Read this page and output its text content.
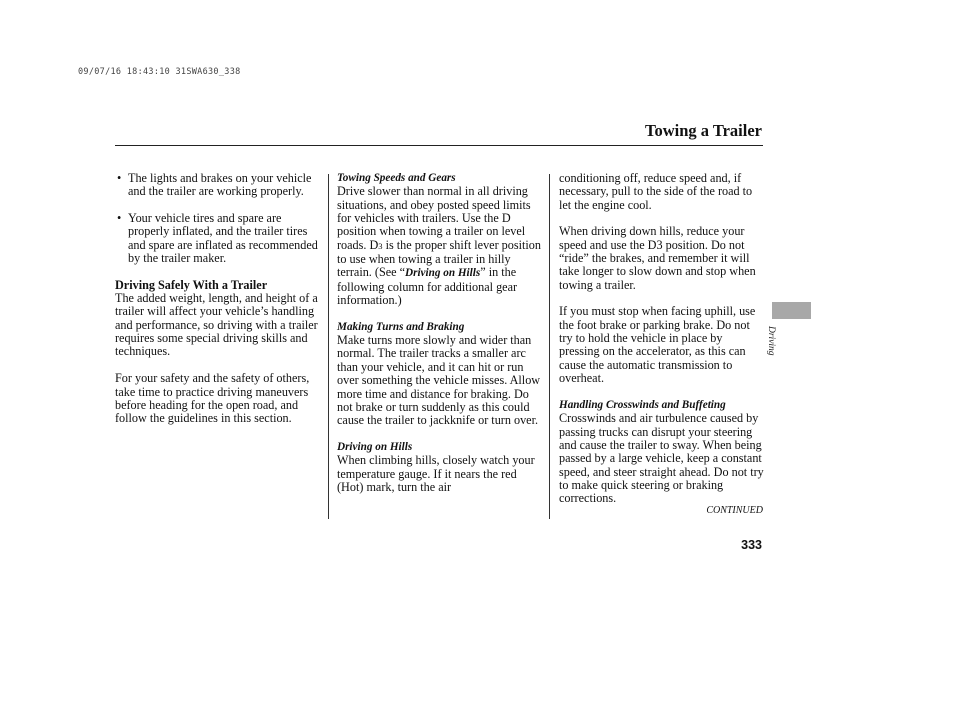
09/07/16 18:43:10 31SWA630_338
Towing a Trailer
• The lights and brakes on your vehicle and the trailer are working properly.
• Your vehicle tires and spare are properly inflated, and the trailer tires and spare are inflated as recommended by the trailer maker.
Driving Safely With a Trailer

The added weight, length, and height of a trailer will affect your vehicle’s handling and performance, so driving with a trailer requires some special driving skills and techniques.

For your safety and the safety of others, take time to practice driving maneuvers before heading for the open road, and follow the guidelines in this section.

Towing Speeds and Gears

Drive slower than normal in all driving situations, and obey posted speed limits for vehicles with trailers. Use the D position when towing a trailer on level roads. D3 is the proper shift lever position to use when towing a trailer in hilly terrain. (See “Driving on Hills” in the following column for additional gear information.)

Making Turns and Braking

Make turns more slowly and wider than normal. The trailer tracks a smaller arc than your vehicle, and it can hit or run over something the vehicle misses. Allow more time and distance for braking. Do not brake or turn suddenly as this could cause the trailer to jackknife or turn over.

Driving on Hills

When climbing hills, closely watch your temperature gauge. If it nears the red (Hot) mark, turn the air

conditioning off, reduce speed and, if necessary, pull to the side of the road to let the engine cool.

When driving down hills, reduce your speed and use the D3 position. Do not “ride” the brakes, and remember it will take longer to slow down and stop when towing a trailer.

If you must stop when facing uphill, use the foot brake or parking brake. Do not try to hold the vehicle in place by pressing on the accelerator, as this can cause the automatic transmission to overheat.

Handling Crosswinds and Buffeting

Crosswinds and air turbulence caused by passing trucks can disrupt your steering and cause the trailer to sway. When being passed by a large vehicle, keep a constant speed, and steer straight ahead. Do not try to make quick steering or braking corrections.

CONTINUED
333
Driving
